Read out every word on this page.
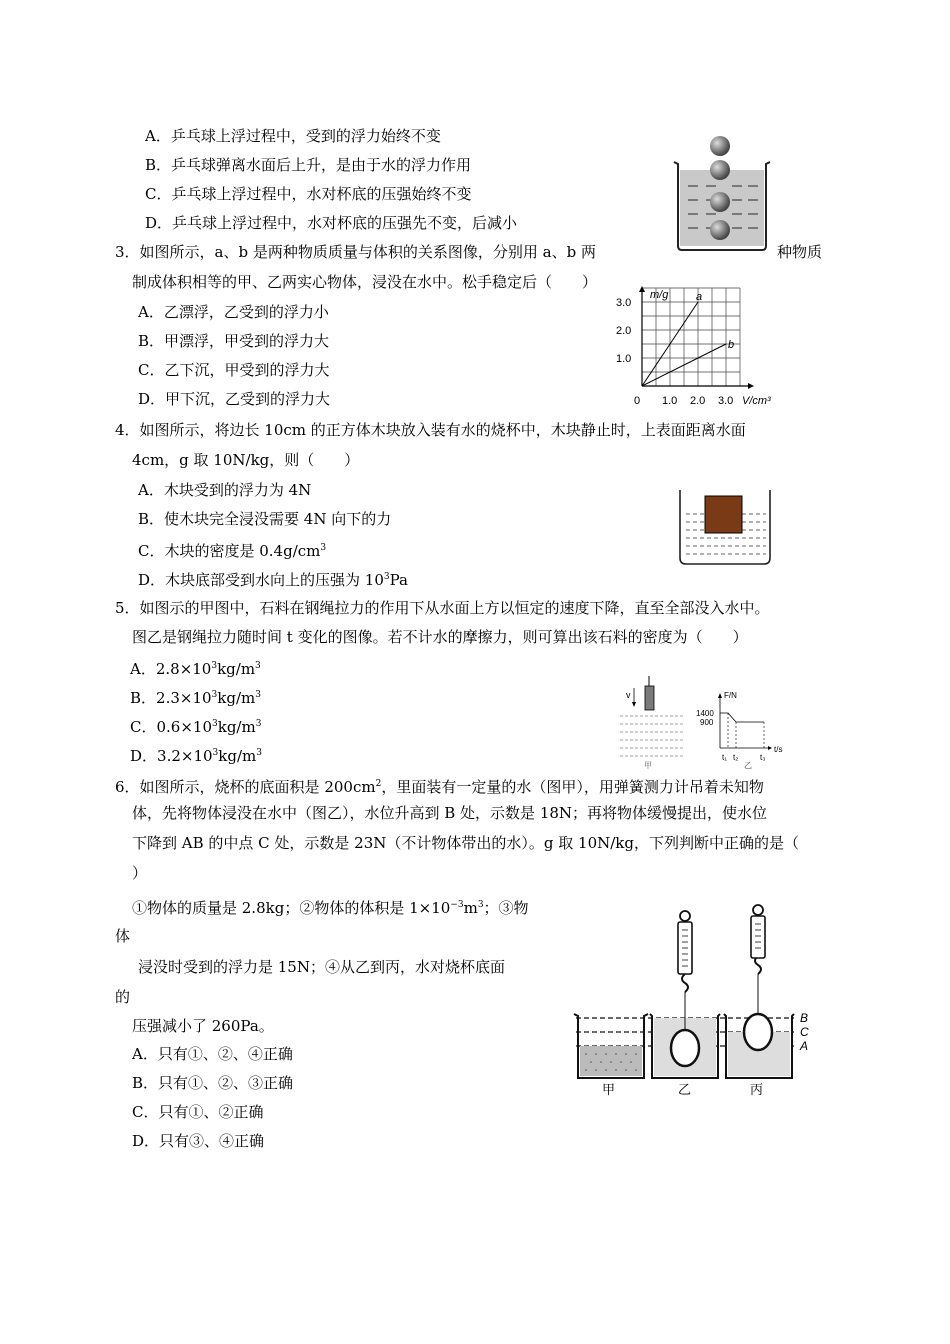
A．乒乓球上浮过程中，受到的浮力始终不变
B．乒乓球弹离水面后上升，是由于水的浮力作用
C．乒乓球上浮过程中，水对杯底的压强始终不变
D．乒乓球上浮过程中，水对杯底的压强先不变，后减小
3．如图所示，a、b 是两种物质质量与体积的关系图像，分别用 a、b 两	种物质
制成体积相等的甲、乙两实心物体，浸没在水中。松手稳定后（　　）
A．乙漂浮，乙受到的浮力小
B．甲漂浮，甲受到的浮力大
C．乙下沉，甲受到的浮力大
D．甲下沉，乙受到的浮力大
m/g
V/cm³
1.0
2.0
3.0
1.0 2.0 3.0
0
a
b
4．如图所示，将边长 10cm 的正方体木块放入装有水的烧杯中，木块静止时，上表面距离水面
4cm，g 取 10N/kg，则（　　）
A．木块受到的浮力为 4N
B．使木块完全浸没需要 4N 向下的力
C．木块的密度是 $0.4g/cm^3$
D．木块底部受到水向上的压强为 $10^3Pa$
5．如图示的甲图中，石料在钢绳拉力的作用下从水面上方以恒定的速度下降，直至全部没入水中。
图乙是钢绳拉力随时间 t 变化的图像。若不计水的摩擦力，则可算出该石料的密度为（　　）
A．$2.8\times 10^3kg/m^3$
B．$2.3\times 10^3kg/m^3$
C．$0.6\times 10^3kg/m^3$
D．$3.2\times 10^3kg/m^3$
v
甲
F/N
t/s
1400
900
t₁ t₂	t₃
乙
6．如图所示，烧杯的底面积是 $200cm^2$，里面装有一定量的水（图甲），用弹簧测力计吊着未知物
体，先将物体浸没在水中（图乙），水位升高到 B 处，示数是 18N；再将物体缓慢提出，使水位
下降到 AB 的中点 C 处，示数是 23N（不计物体带出的水）。g 取 10N/kg，下列判断中正确的是（
）
①物体的质量是 2.8kg；②物体的体积是 $1\times 10^{-3}m^3$；③物
体
浸没时受到的浮力是 15N；④从乙到丙，水对烧杯底面
的
压强减小了 260Pa。
A．只有①、②、④正确
B．只有①、②、③正确
C．只有①、②正确
D．只有③、④正确
甲	乙	丙
B
C
A
